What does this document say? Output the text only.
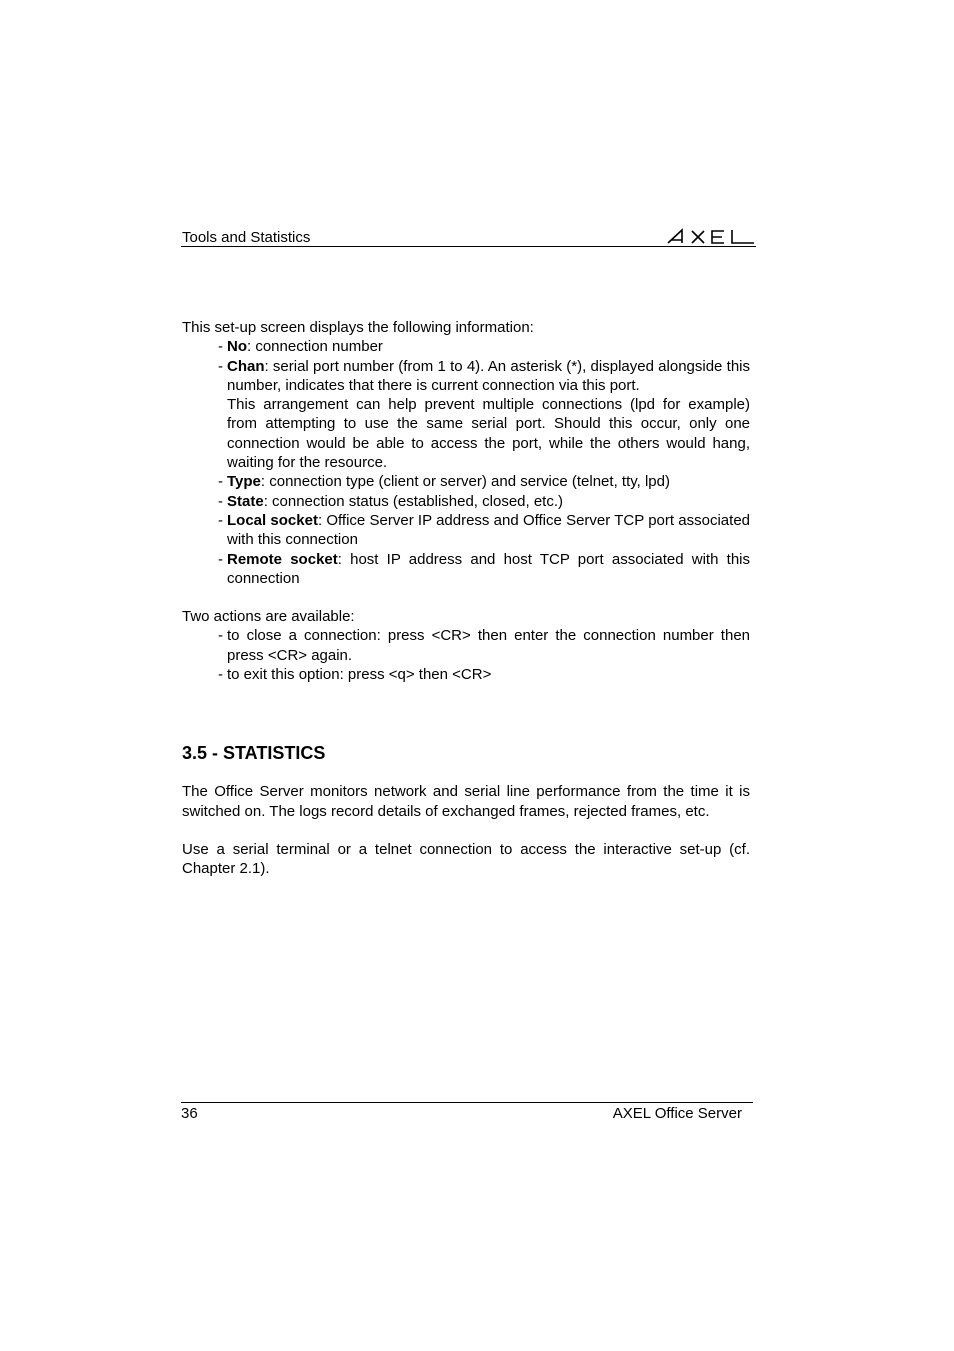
Tools and Statistics

This set-up screen displays the following information:

- No: connection number
- Chan: serial port number (from 1 to 4). An asterisk (*), displayed alongside this number, indicates that there is current connection via this port.
This arrangement can help prevent multiple connections (lpd for example) from attempting to use the same serial port. Should this occur, only one connection would be able to access the port, while the others would hang, waiting for the resource.
- Type: connection type (client or server) and service (telnet, tty, lpd)
- State: connection status (established, closed, etc.)
- Local socket: Office Server IP address and Office Server TCP port associated with this connection
- Remote socket: host IP address and host TCP port associated with this connection

Two actions are available:

- to close a connection: press <CR> then enter the connection number then press <CR> again.
- to exit this option: press <q> then <CR>
3.5 - STATISTICS

The Office Server monitors network and serial line performance from the time it is switched on. The logs record details of exchanged frames, rejected frames, etc.

Use a serial terminal or a telnet connection to access the interactive set-up (cf. Chapter 2.1).

36	AXEL Office Server
